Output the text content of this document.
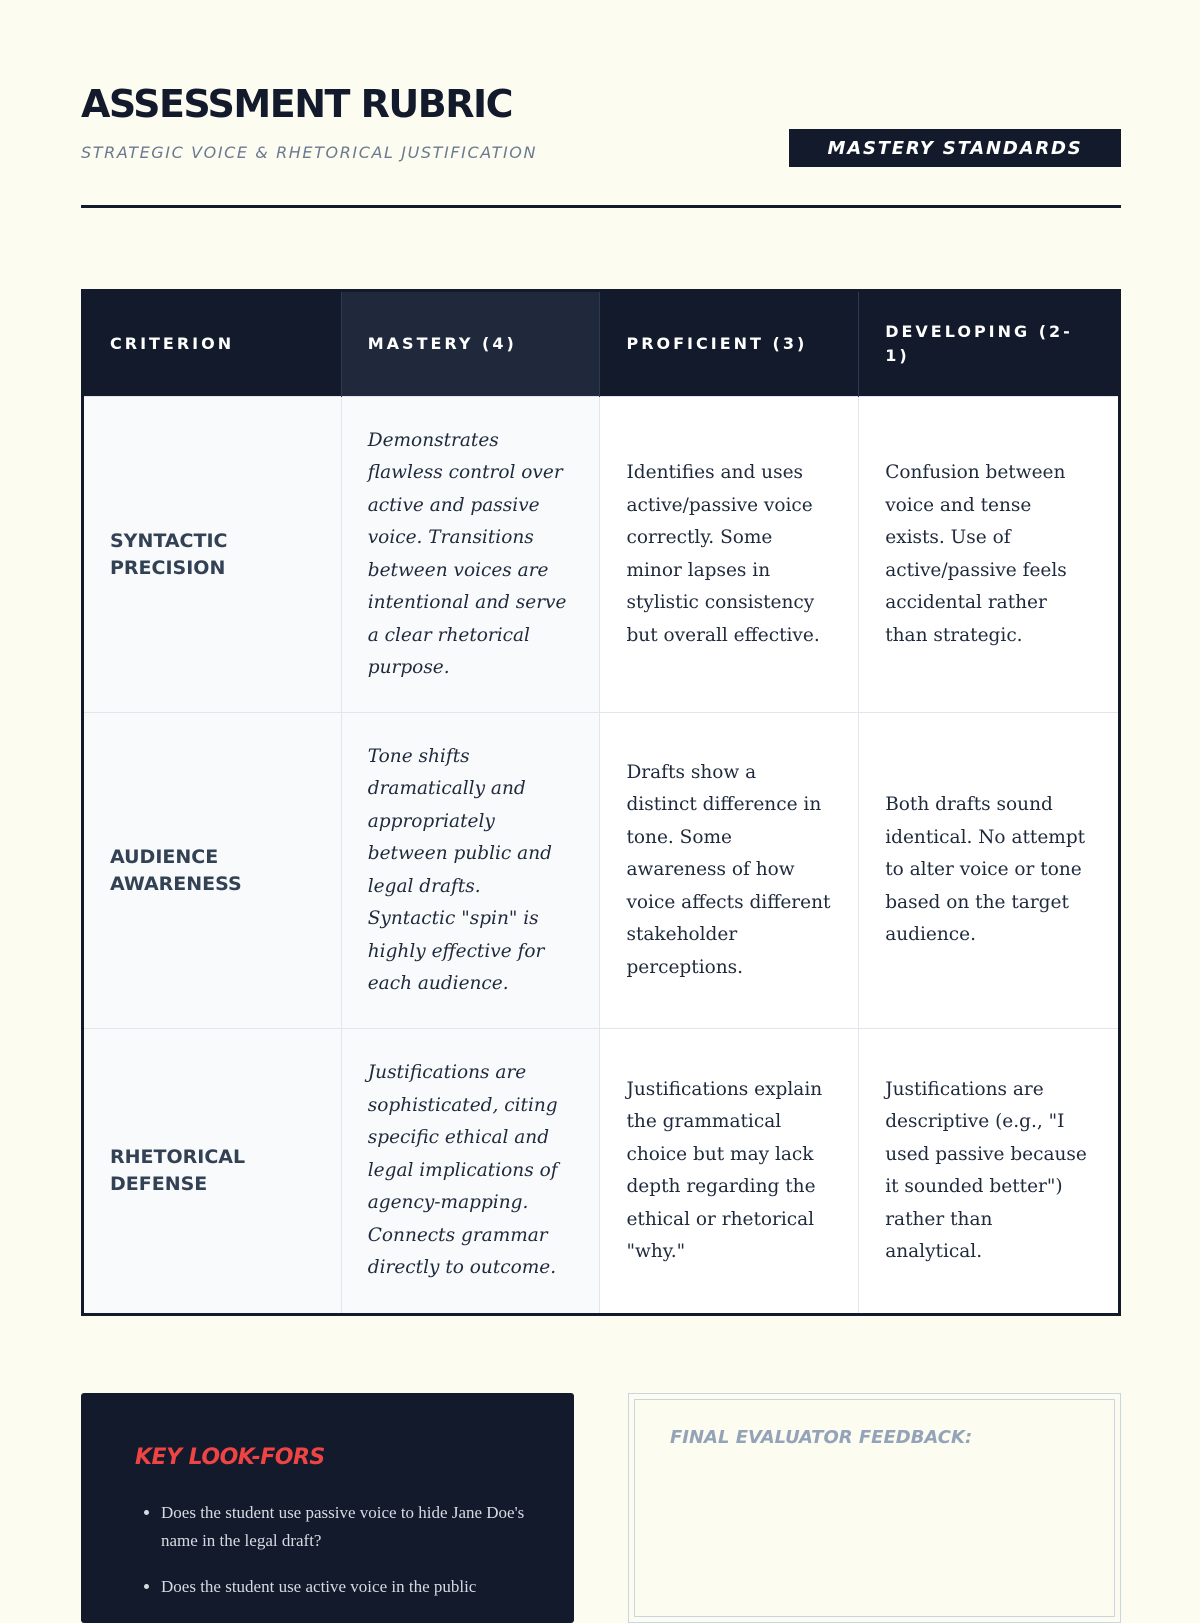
ASSESSMENT RUBRIC
STRATEGIC VOICE & RHETORICAL JUSTIFICATION	MASTERY STANDARDS
CRITERION	MASTERY (4)	PROFICIENT (3)	DEVELOPING (2-1)
SYNTACTIC PRECISION	Demonstrates flawless control over active and passive voice. Transitions between voices are intentional and serve a clear rhetorical purpose.	Identifies and uses active/passive voice correctly. Some minor lapses in stylistic consistency but overall effective.	Confusion between voice and tense exists. Use of active/passive feels accidental rather than strategic.
AUDIENCE AWARENESS	Tone shifts dramatically and appropriately between public and legal drafts. Syntactic "spin" is highly effective for each audience.	Drafts show a distinct difference in tone. Some awareness of how voice affects different stakeholder perceptions.	Both drafts sound identical. No attempt to alter voice or tone based on the target audience.
RHETORICAL DEFENSE	Justifications are sophisticated, citing specific ethical and legal implications of agency-mapping. Connects grammar directly to outcome.	Justifications explain the grammatical choice but may lack depth regarding the ethical or rhetorical "why."	Justifications are descriptive (e.g., "I used passive because it sounded better") rather than analytical.
KEY LOOK-FORS
• Does the student use passive voice to hide Jane Doe's name in the legal draft?
• Does the student use active voice in the public
FINAL EVALUATOR FEEDBACK:
